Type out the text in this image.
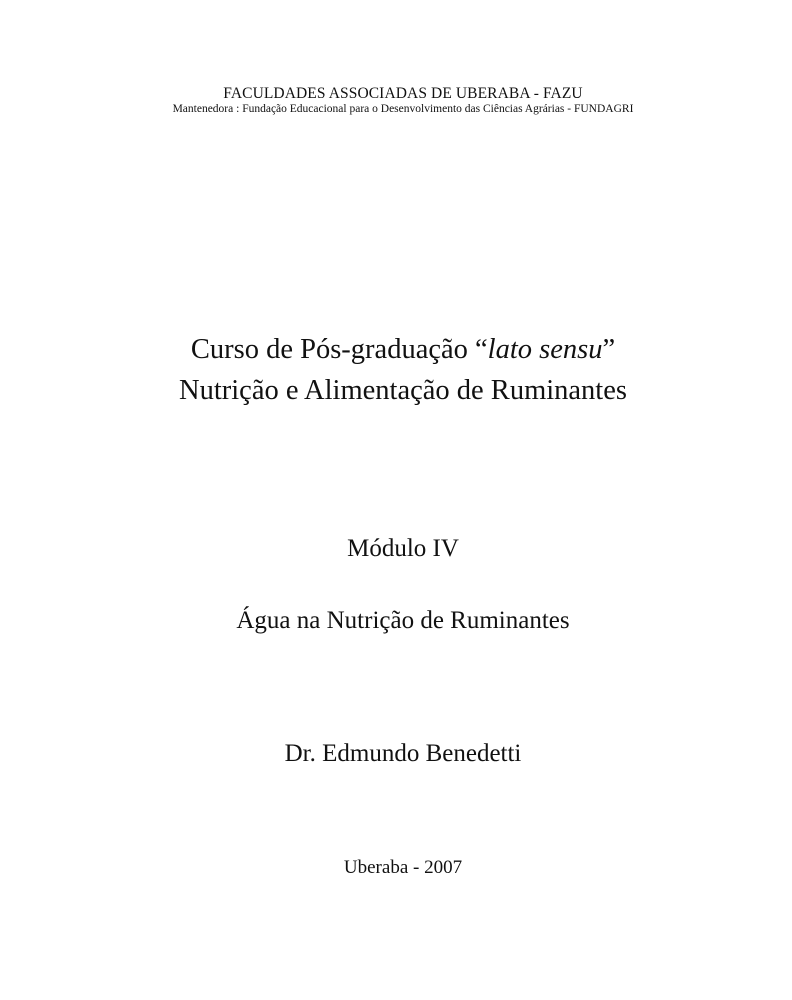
FACULDADES ASSOCIADAS DE UBERABA - FAZU
Mantenedora : Fundação Educacional para o Desenvolvimento das Ciências Agrárias - FUNDAGRI
Curso de Pós-graduação “lato sensu”
Nutrição e Alimentação de Ruminantes
Módulo IV
Água na Nutrição de Ruminantes
Dr. Edmundo Benedetti
Uberaba - 2007
